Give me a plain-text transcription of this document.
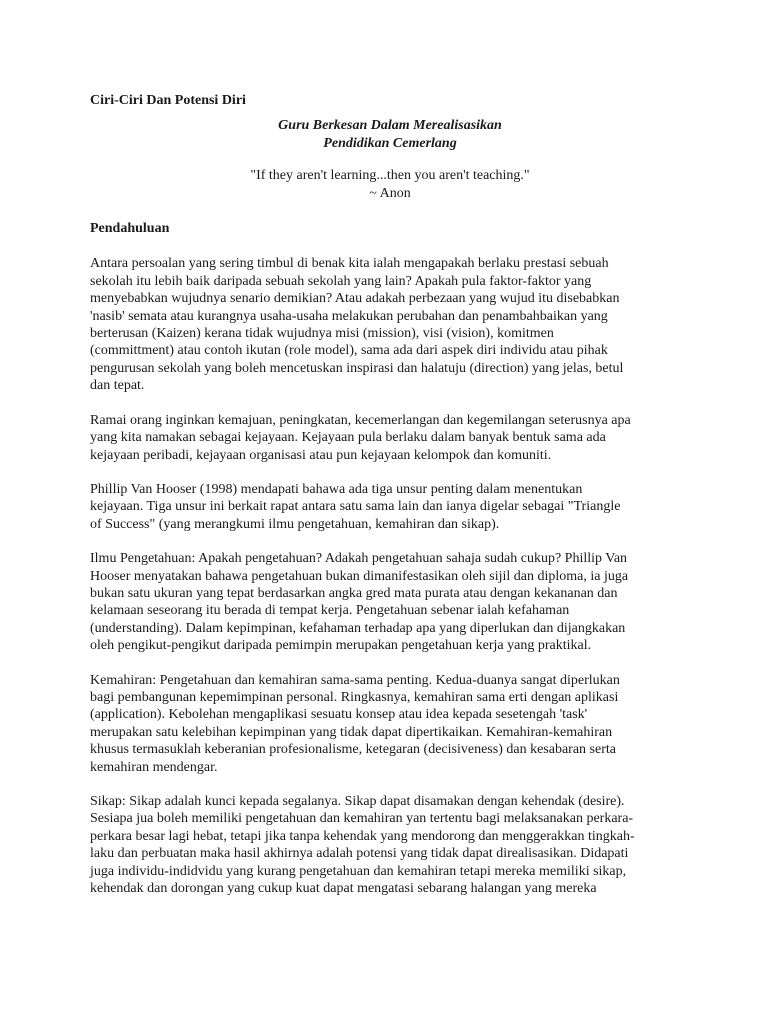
Ciri-Ciri Dan Potensi Diri
Guru Berkesan Dalam Merealisasikan
Pendidikan Cemerlang
"If they aren't learning...then you aren't teaching."
~ Anon
Pendahuluan
Antara persoalan yang sering timbul di benak kita ialah mengapakah berlaku prestasi sebuah
sekolah itu lebih baik daripada sebuah sekolah yang lain? Apakah pula faktor-faktor yang
menyebabkan wujudnya senario demikian? Atau adakah perbezaan yang wujud itu disebabkan
'nasib' semata atau kurangnya usaha-usaha melakukan perubahan dan penambahbaikan yang
berterusan (Kaizen) kerana tidak wujudnya misi (mission), visi (vision), komitmen
(committment) atau contoh ikutan (role model), sama ada dari aspek diri individu atau pihak
pengurusan sekolah yang boleh mencetuskan inspirasi dan halatuju (direction) yang jelas, betul
dan tepat.
Ramai orang inginkan kemajuan, peningkatan, kecemerlangan dan kegemilangan seterusnya apa
yang kita namakan sebagai kejayaan. Kejayaan pula berlaku dalam banyak bentuk sama ada
kejayaan peribadi, kejayaan organisasi atau pun kejayaan kelompok dan komuniti.
Phillip Van Hooser (1998) mendapati bahawa ada tiga unsur penting dalam menentukan
kejayaan. Tiga unsur ini berkait rapat antara satu sama lain dan ianya digelar sebagai "Triangle
of Success" (yang merangkumi ilmu pengetahuan, kemahiran dan sikap).
Ilmu Pengetahuan: Apakah pengetahuan? Adakah pengetahuan sahaja sudah cukup? Phillip Van
Hooser menyatakan bahawa pengetahuan bukan dimanifestasikan oleh sijil dan diploma, ia juga
bukan satu ukuran yang tepat berdasarkan angka gred mata purata atau dengan kekananan dan
kelamaan seseorang itu berada di tempat kerja. Pengetahuan sebenar ialah kefahaman
(understanding). Dalam kepimpinan, kefahaman terhadap apa yang diperlukan dan dijangkakan
oleh pengikut-pengikut daripada pemimpin merupakan pengetahuan kerja yang praktikal.
Kemahiran: Pengetahuan dan kemahiran sama-sama penting. Kedua-duanya sangat diperlukan
bagi pembangunan kepemimpinan personal. Ringkasnya, kemahiran sama erti dengan aplikasi
(application). Kebolehan mengaplikasi sesuatu konsep atau idea kepada sesetengah 'task'
merupakan satu kelebihan kepimpinan yang tidak dapat dipertikaikan. Kemahiran-kemahiran
khusus termasuklah keberanian profesionalisme, ketegaran (decisiveness) dan kesabaran serta
kemahiran mendengar.
Sikap: Sikap adalah kunci kepada segalanya. Sikap dapat disamakan dengan kehendak (desire).
Sesiapa jua boleh memiliki pengetahuan dan kemahiran yan tertentu bagi melaksanakan perkara-
perkara besar lagi hebat, tetapi jika tanpa kehendak yang mendorong dan menggerakkan tingkah-
laku dan perbuatan maka hasil akhirnya adalah potensi yang tidak dapat direalisasikan. Didapati
juga individu-indidvidu yang kurang pengetahuan dan kemahiran tetapi mereka memiliki sikap,
kehendak dan dorongan yang cukup kuat dapat mengatasi sebarang halangan yang mereka
